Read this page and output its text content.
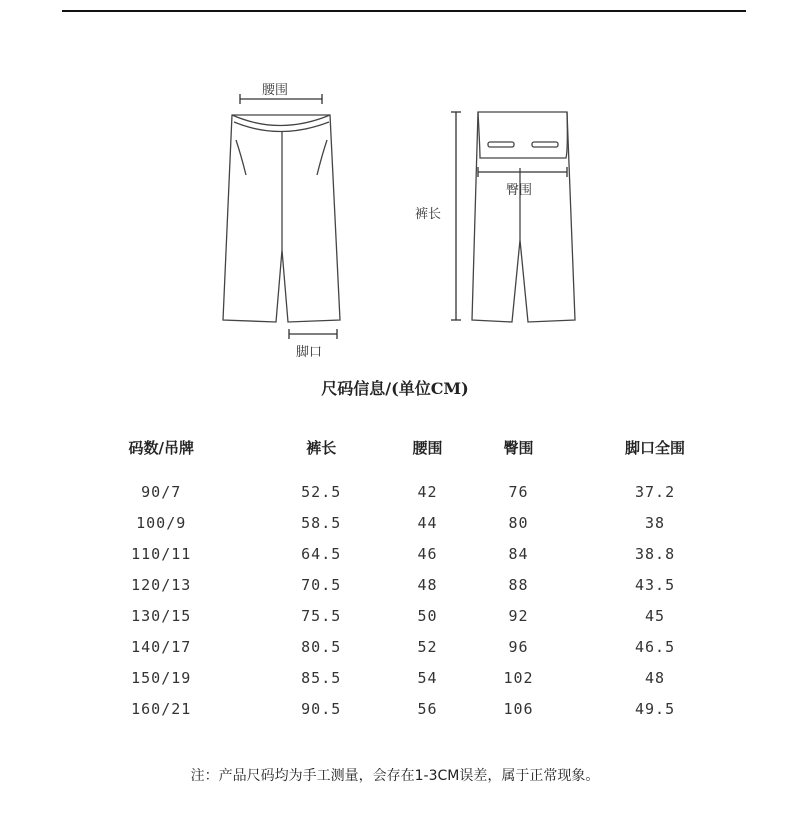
腰围
脚口
裤长
臀围
尺码信息/(单位CM)
码数/吊牌	裤长	腰围	臀围	脚口全围

90/7	52.5	42	76	37.2
100/9	58.5	44	80	38
110/11	64.5	46	84	38.8
120/13	70.5	48	88	43.5
130/15	75.5	50	92	45
140/17	80.5	52	96	46.5
150/19	85.5	54	102	48
160/21	90.5	56	106	49.5
注：产品尺码均为手工测量，会存在1-3CM误差，属于正常现象。
